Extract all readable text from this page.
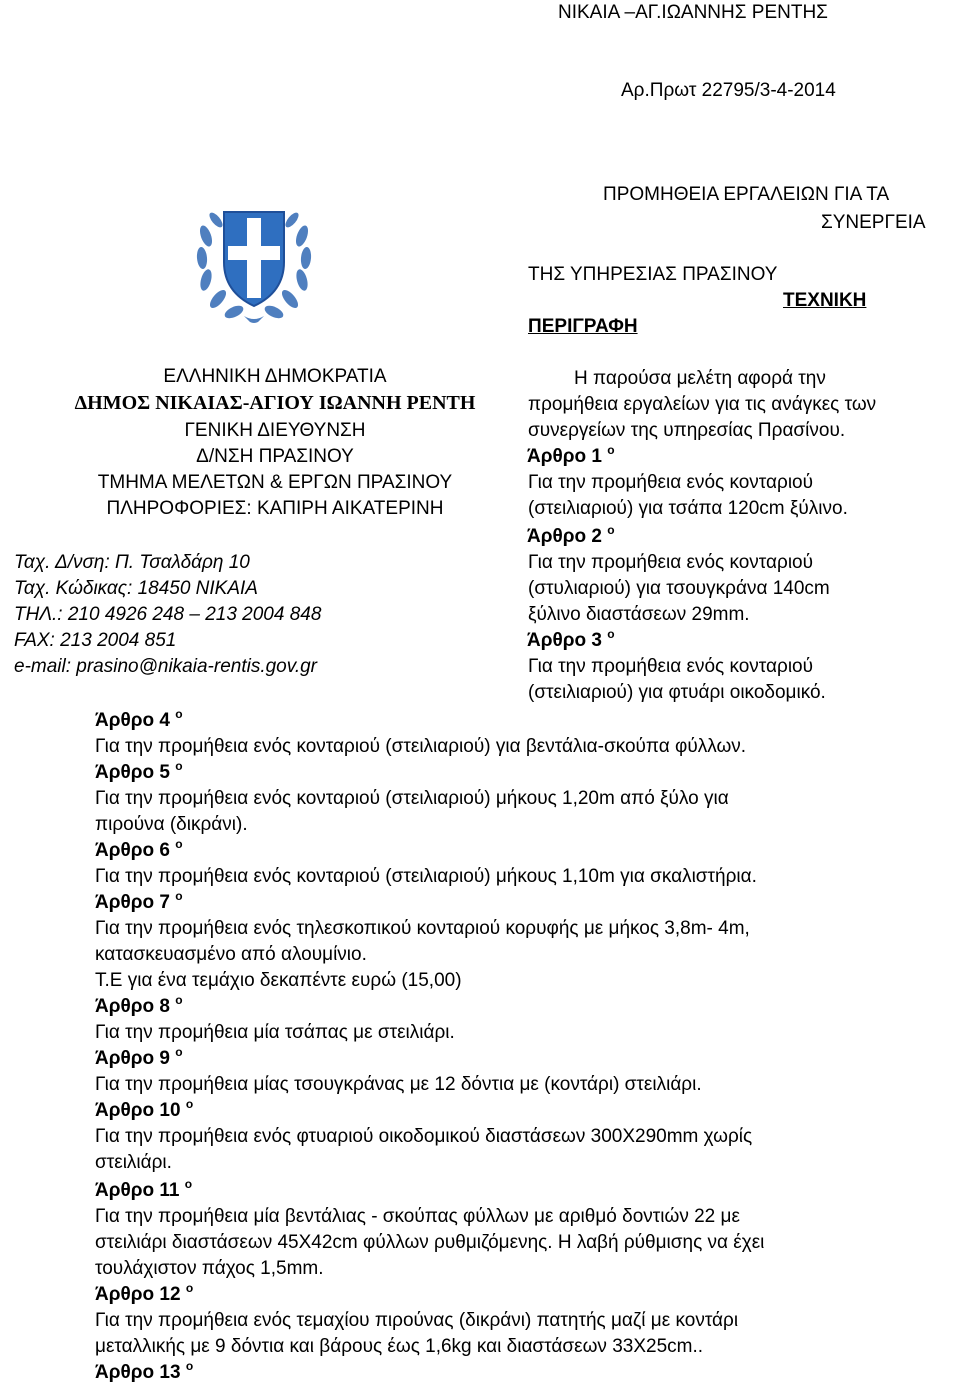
ΝΙΚΑΙΑ –ΑΓ.ΙΩΑΝΝΗΣ ΡΕΝΤΗΣ
Αρ.Πρωτ 22795/3-4-2014
ΠΡΟΜΗΘΕΙΑ ΕΡΓΑΛΕΙΩΝ ΓΙΑ ΤΑ
ΣΥΝΕΡΓΕΙΑ
ΤΗΣ ΥΠΗΡΕΣΙΑΣ ΠΡΑΣΙΝΟΥ
ΤΕΧΝΙΚΗ
ΠΕΡΙΓΡΑΦΗ
ΕΛΛΗΝΙΚΗ ΔΗΜΟΚΡΑΤΙΑ
ΔΗΜΟΣ ΝΙΚΑΙΑΣ-ΑΓΙΟΥ ΙΩΑΝΝΗ ΡΕΝΤΗ
ΓΕΝΙΚΗ ΔΙΕΥΘΥΝΣΗ
Δ/ΝΣΗ ΠΡΑΣΙΝΟΥ
ΤΜΗΜΑ ΜΕΛΕΤΩΝ & ΕΡΓΩΝ ΠΡΑΣΙΝΟΥ
ΠΛΗΡΟΦΟΡΙΕΣ: ΚΑΠΙΡΗ ΑΙΚΑΤΕΡΙΝΗ
Ταχ. Δ/νση: Π. Τσαλδάρη 10
Ταχ. Κώδικας: 18450 ΝΙΚΑΙΑ
ΤΗΛ.: 210 4926 248 – 213 2004 848
FAX: 213 2004 851
e-mail: prasino@nikaia-rentis.gov.gr
Η παρούσα μελέτη αφορά την
προμήθεια εργαλείων για τις ανάγκες των
συνεργείων της υπηρεσίας Πρασίνου.
Άρθρο 1 $^o$
Για την προμήθεια ενός κονταριού
(στειλιαριού) για τσάπα 120cm ξύλινο.
Άρθρο 2 $^o$
Για την προμήθεια ενός κονταριού
(στυλιαριού) για τσουγκράνα 140cm
ξύλινο διαστάσεων 29mm.
Άρθρο 3 $^o$
Για την προμήθεια ενός κονταριού
(στειλιαριού) για φτυάρι οικοδομικό.
Άρθρο 4 $^o$
Για την προμήθεια ενός κονταριού (στειλιαριού) για βεντάλια-σκούπα φύλλων.
Άρθρο 5 $^o$
Για την προμήθεια ενός κονταριού (στειλιαριού) μήκους 1,20m από ξύλο για
πιρούνα (δικράνι).
Άρθρο 6 $^o$
Για την προμήθεια ενός κονταριού (στειλιαριού) μήκους 1,10m για σκαλιστήρια.
Άρθρο 7 $^o$
Για την προμήθεια ενός τηλεσκοπικού κονταριού κορυφής με μήκος 3,8m- 4m,
κατασκευασμένο από αλουμίνιο.
Τ.Ε για ένα τεμάχιο δεκαπέντε ευρώ (15,00)
Άρθρο 8 $^o$
Για την προμήθεια μία τσάπας με στειλιάρι.
Άρθρο 9 $^o$
Για την προμήθεια μίας τσουγκράνας με 12 δόντια με (κοντάρι) στειλιάρι.
Άρθρο 10 $^o$
Για την προμήθεια ενός φτυαριού οικοδομικού διαστάσεων 300Χ290mm χωρίς
στειλιάρι.
Άρθρο 11 $^o$
Για την προμήθεια μία βεντάλιας - σκούπας φύλλων με αριθμό δοντιών 22 με
στειλιάρι διαστάσεων 45Χ42cm φύλλων ρυθμιζόμενης. Η λαβή ρύθμισης να έχει
τουλάχιστον πάχος 1,5mm.
Άρθρο 12 $^o$
Για την προμήθεια ενός τεμαχίου πιρούνας (δικράνι) πατητής μαζί με κοντάρι
μεταλλικής με 9 δόντια και βάρους έως 1,6kg και διαστάσεων 33Χ25cm..
Άρθρο 13 $^o$
